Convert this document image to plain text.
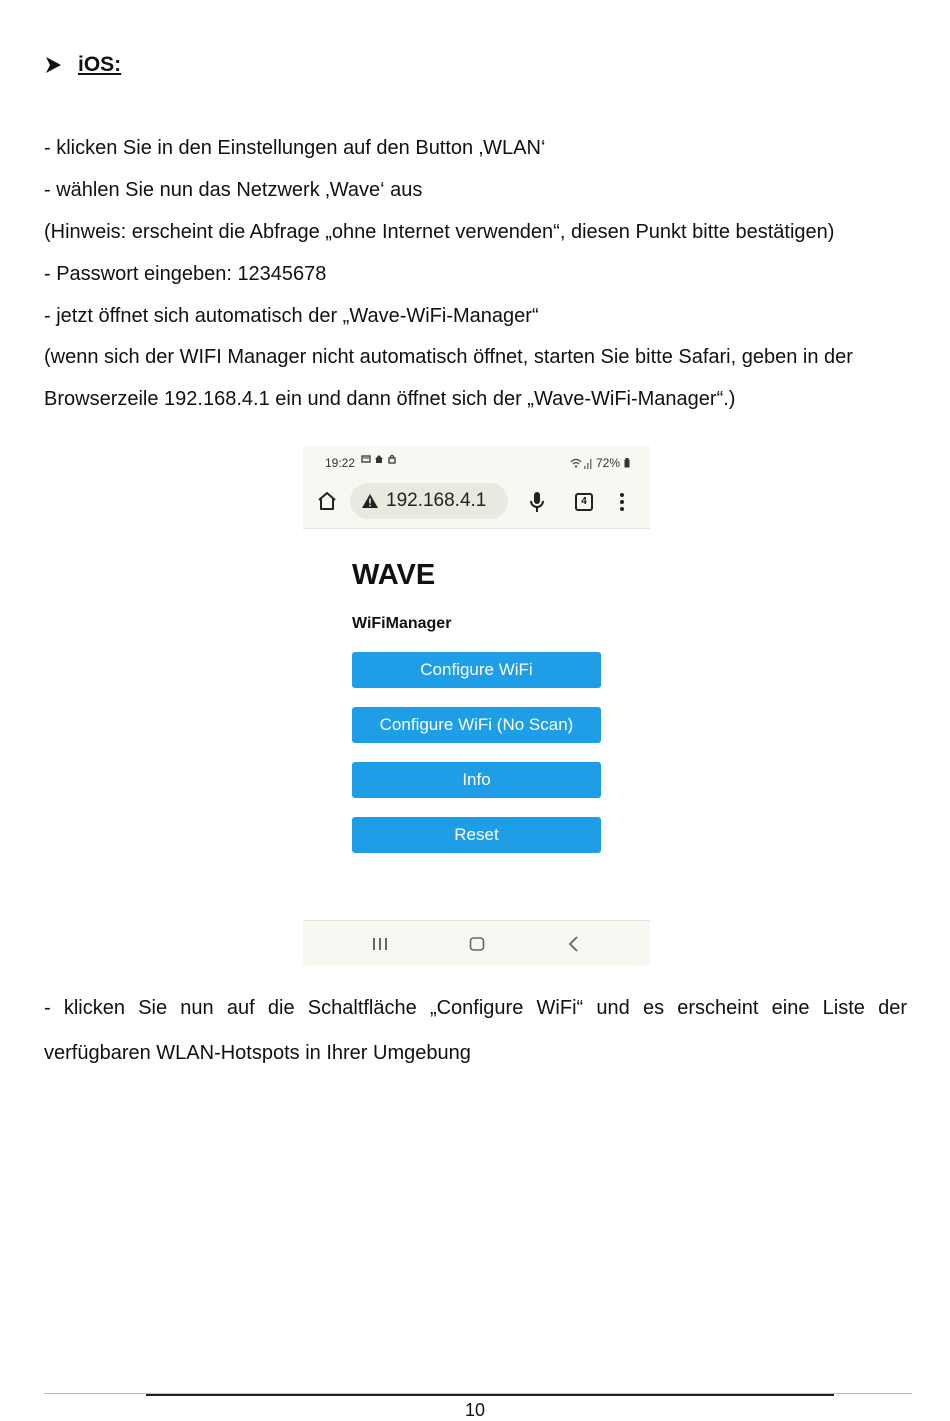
iOS:
- klicken Sie in den Einstellungen auf den Button ‚WLAN‘
- wählen Sie nun das Netzwerk ‚Wave‘ aus
(Hinweis: erscheint die Abfrage „ohne Internet verwenden“, diesen Punkt bitte bestätigen)
- Passwort eingeben: 12345678
- jetzt öffnet sich automatisch der „Wave-WiFi-Manager“
(wenn sich der WIFI Manager nicht automatisch öffnet, starten Sie bitte Safari, geben in der
Browserzeile 192.168.4.1 ein und dann öffnet sich der „Wave-WiFi-Manager“.)
19:22	72%
192.168.4.1	4
WAVE
WiFiManager
Configure WiFi
Configure WiFi (No Scan)
Info
Reset
- klicken Sie nun auf die Schaltfläche „Configure WiFi“ und es erscheint eine Liste der
verfügbaren WLAN-Hotspots in Ihrer Umgebung
10
